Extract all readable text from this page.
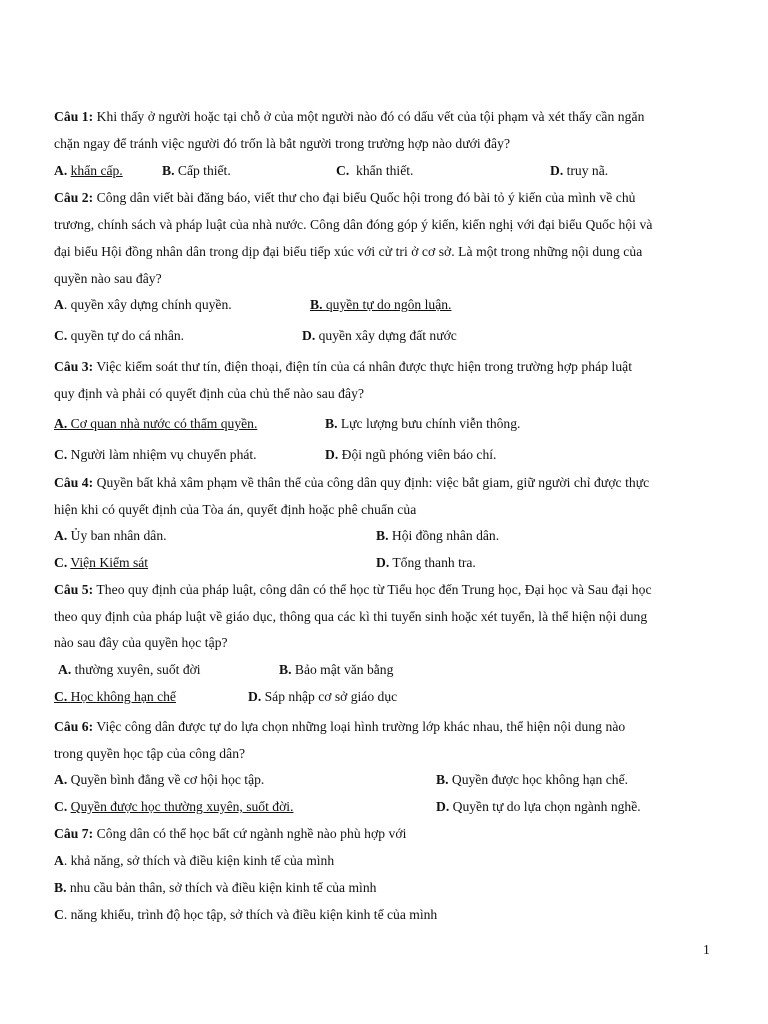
Câu 1: Khi thấy ở người hoặc tại chỗ ở của một người nào đó có dấu vết của tội phạm và xét thấy cần ngăn
chặn ngay để tránh việc người đó trốn là bắt người trong trường hợp nào dưới đây?
A. khẩn cấp.	B. Cấp thiết.	C. khẩn thiết.	D. truy nã.
Câu 2: Công dân viết bài đăng báo, viết thư cho đại biểu Quốc hội trong đó bài tỏ ý kiến của mình về chủ
trương, chính sách và pháp luật của nhà nước. Công dân đóng góp ý kiến, kiến nghị với đại biểu Quốc hội và
đại biểu Hội đồng nhân dân trong dịp đại biểu tiếp xúc với cử tri ở cơ sở. Là một trong những nội dung của
quyền nào sau đây?
A. quyền xây dựng chính quyền.	B. quyền tự do ngôn luận.
C. quyền tự do cá nhân.	D. quyền xây dựng đất nước
Câu 3: Việc kiểm soát thư tín, điện thoại, điện tín của cá nhân được thực hiện trong trường hợp pháp luật
quy định và phải có quyết định của chủ thể nào sau đây?
A. Cơ quan nhà nước có thẩm quyền.	B. Lực lượng bưu chính viễn thông.
C. Người làm nhiệm vụ chuyển phát.	D. Đội ngũ phóng viên báo chí.
Câu 4: Quyền bất khả xâm phạm về thân thể của công dân quy định: việc bắt giam, giữ người chỉ được thực
hiện khi có quyết định của Tòa án, quyết định hoặc phê chuẩn của
A. Ủy ban nhân dân.	B. Hội đồng nhân dân.
C. Viện Kiểm sát	D. Tổng thanh tra.
Câu 5: Theo quy định của pháp luật, công dân có thể học từ Tiểu học đến Trung học, Đại học và Sau đại học
theo quy định của pháp luật về giáo dục, thông qua các kì thi tuyển sinh hoặc xét tuyển, là thể hiện nội dung
nào sau đây của quyền học tập?
A. thường xuyên, suốt đời	B. Bảo mật văn bằng
C. Học không hạn chế	D. Sáp nhập cơ sở giáo dục
Câu 6: Việc công dân được tự do lựa chọn những loại hình trường lớp khác nhau, thể hiện nội dung nào
trong quyền học tập của công dân?
A. Quyền bình đẳng về cơ hội học tập.	B. Quyền được học không hạn chế.
C. Quyền được học thường xuyên, suốt đời.	D. Quyền tự do lựa chọn ngành nghề.
Câu 7: Công dân có thể học bất cứ ngành nghề nào phù hợp với
A. khả năng, sở thích và điều kiện kinh tế của mình
B. nhu cầu bản thân, sở thích và điều kiện kinh tế của mình
C. năng khiếu, trình độ học tập, sở thích và điều kiện kinh tế của mình
1
